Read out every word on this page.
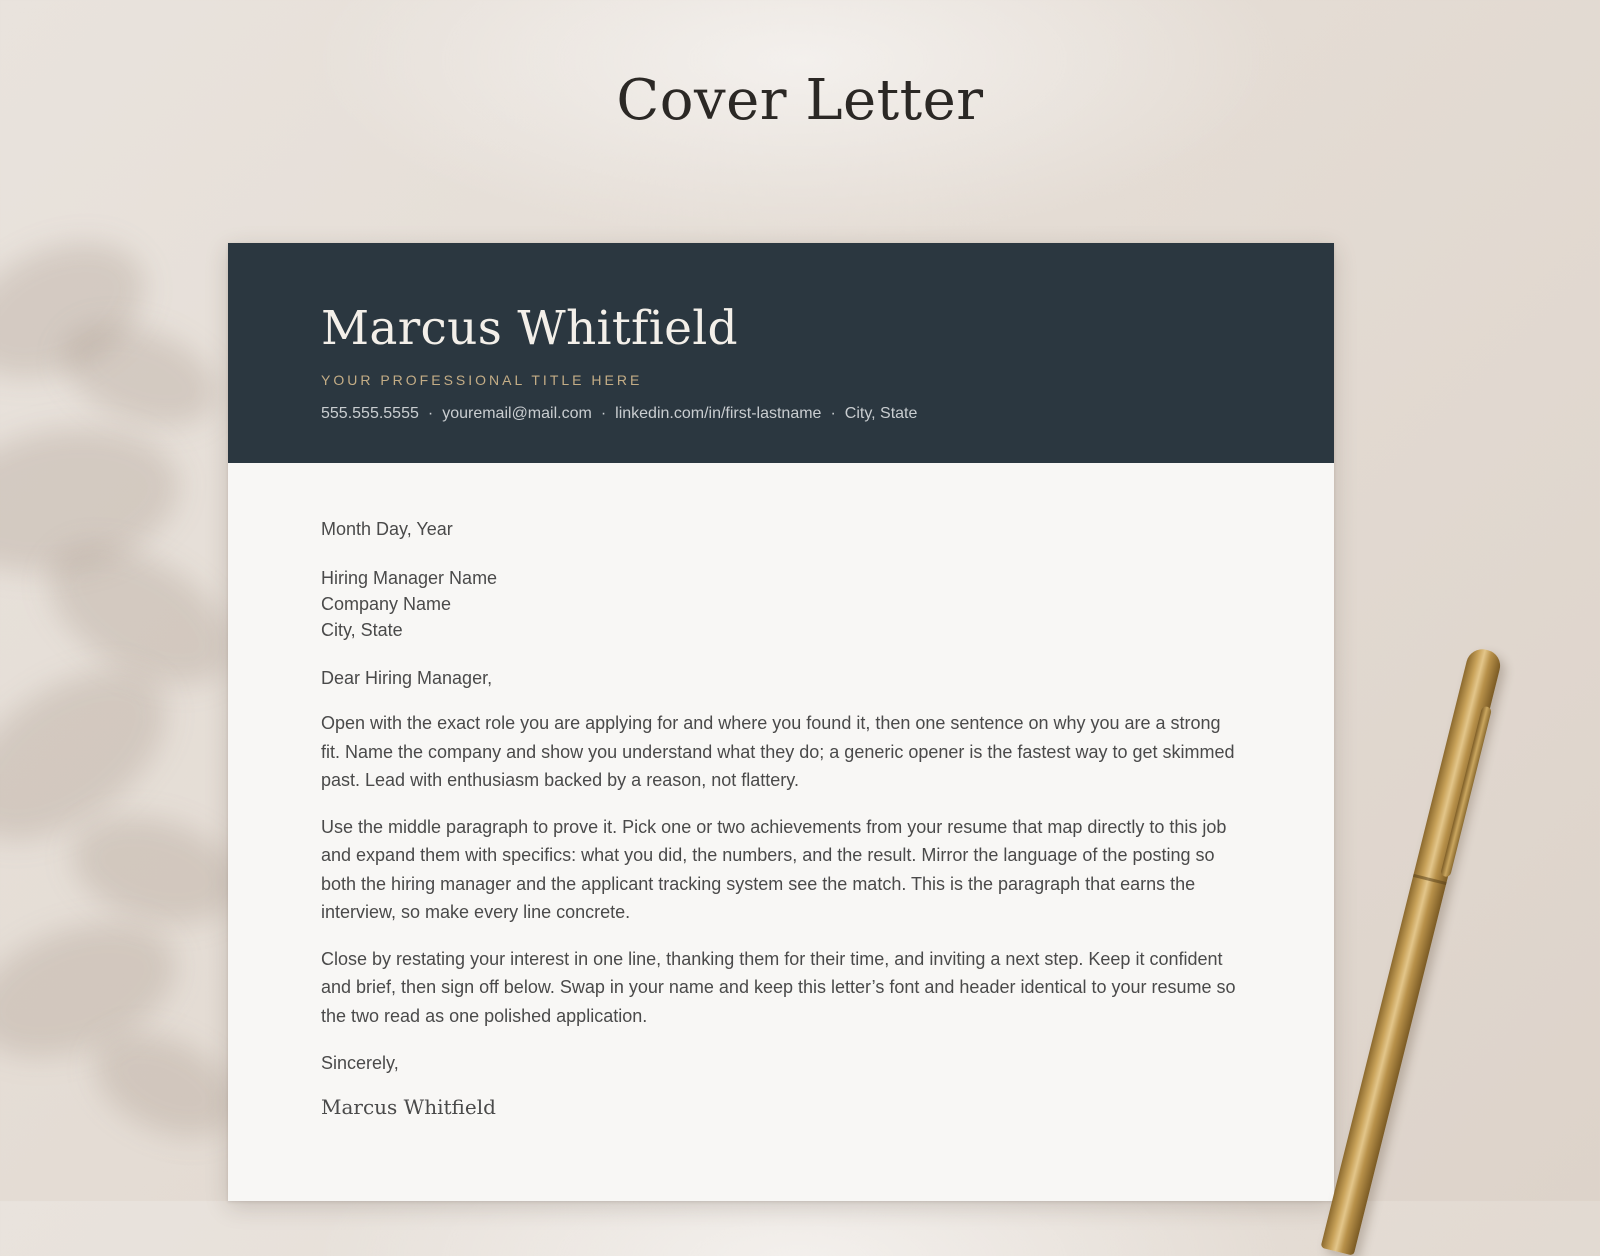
Cover Letter
Marcus Whitfield
YOUR PROFESSIONAL TITLE HERE
555.555.5555 · youremail@mail.com · linkedin.com/in/first-lastname · City, State

Month Day, Year

Hiring Manager Name
Company Name
City, State

Dear Hiring Manager,

Open with the exact role you are applying for and where you found it, then one sentence on why you are a strong fit. Name the company and show you understand what they do; a generic opener is the fastest way to get skimmed past. Lead with enthusiasm backed by a reason, not flattery.

Use the middle paragraph to prove it. Pick one or two achievements from your resume that map directly to this job and expand them with specifics: what you did, the numbers, and the result. Mirror the language of the posting so both the hiring manager and the applicant tracking system see the match. This is the paragraph that earns the interview, so make every line concrete.

Close by restating your interest in one line, thanking them for their time, and inviting a next step. Keep it confident and brief, then sign off below. Swap in your name and keep this letter’s font and header identical to your resume so the two read as one polished application.

Sincerely,

Marcus Whitfield
